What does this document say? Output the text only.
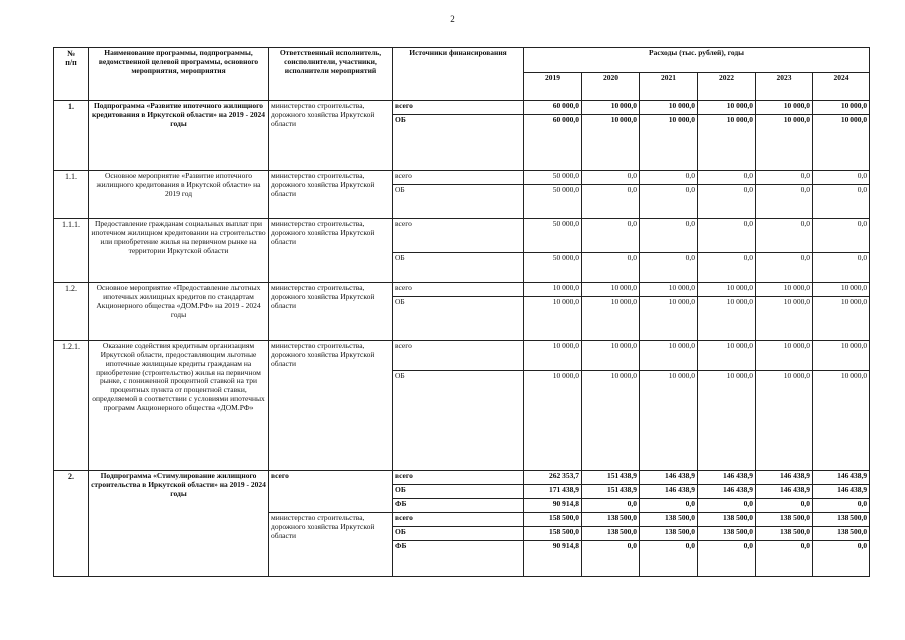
2
№
п/п	Наименование программы, подпрограммы, ведомственной целевой программы, основного мероприятия, мероприятия	Ответственный исполнитель, соисполнители, участники, исполнители мероприятий	Источники финансирования	Расходы (тыс. рублей), годы					
				2019	2020	2021	2022	2023	2024
1.	Подпрограмма «Развитие ипотечного жилищного кредитования в Иркутской области» на 2019 - 2024 годы	министерство строительства, дорожного хозяйства Иркутской области	всего	60 000,0	10 000,0	10 000,0	10 000,0	10 000,0	10 000,0
			ОБ	60 000,0	10 000,0	10 000,0	10 000,0	10 000,0	10 000,0
1.1.	Основное мероприятие «Развитие ипотечного жилищного кредитования в Иркутской области» на 2019 год	министерство строительства, дорожного хозяйства Иркутской области	всего	50 000,0	0,0	0,0	0,0	0,0	0,0
			ОБ	50 000,0	0,0	0,0	0,0	0,0	0,0
1.1.1.	Предоставление гражданам социальных выплат при ипотечном жилищном кредитовании на строительство или приобретение жилья на первичном рынке на территории Иркутской области	министерство строительства, дорожного хозяйства Иркутской области	всего	50 000,0	0,0	0,0	0,0	0,0	0,0
			ОБ	50 000,0	0,0	0,0	0,0	0,0	0,0
1.2.	Основное мероприятие «Предоставление льготных ипотечных жилищных кредитов по стандартам Акционерного общества «ДОМ.РФ» на 2019 - 2024 годы	министерство строительства, дорожного хозяйства Иркутской области	всего	10 000,0	10 000,0	10 000,0	10 000,0	10 000,0	10 000,0
			ОБ	10 000,0	10 000,0	10 000,0	10 000,0	10 000,0	10 000,0
1.2.1.	Оказание содействия кредитным организациям Иркутской области, предоставляющим льготные ипотечные жилищные кредиты гражданам на приобретение (строительство) жилья на первичном рынке, с пониженной процентной ставкой на три процентных пункта от процентной ставки, определяемой в соответствии с условиями ипотечных программ Акционерного общества «ДОМ.РФ»	министерство строительства, дорожного хозяйства Иркутской области	всего	10 000,0	10 000,0	10 000,0	10 000,0	10 000,0	10 000,0
			ОБ	10 000,0	10 000,0	10 000,0	10 000,0	10 000,0	10 000,0
2.	Подпрограмма «Стимулирование жилищного строительства в Иркутской области» на 2019 - 2024 годы	всего	всего	262 353,7	151 438,9	146 438,9	146 438,9	146 438,9	146 438,9
			ОБ	171 438,9	151 438,9	146 438,9	146 438,9	146 438,9	146 438,9
			ФБ	90 914,8	0,0	0,0	0,0	0,0	0,0
		министерство строительства, дорожного хозяйства Иркутской области	всего	158 500,0	138 500,0	138 500,0	138 500,0	138 500,0	138 500,0
			ОБ	158 500,0	138 500,0	138 500,0	138 500,0	138 500,0	138 500,0
			ФБ	90 914,8	0,0	0,0	0,0	0,0	0,0
